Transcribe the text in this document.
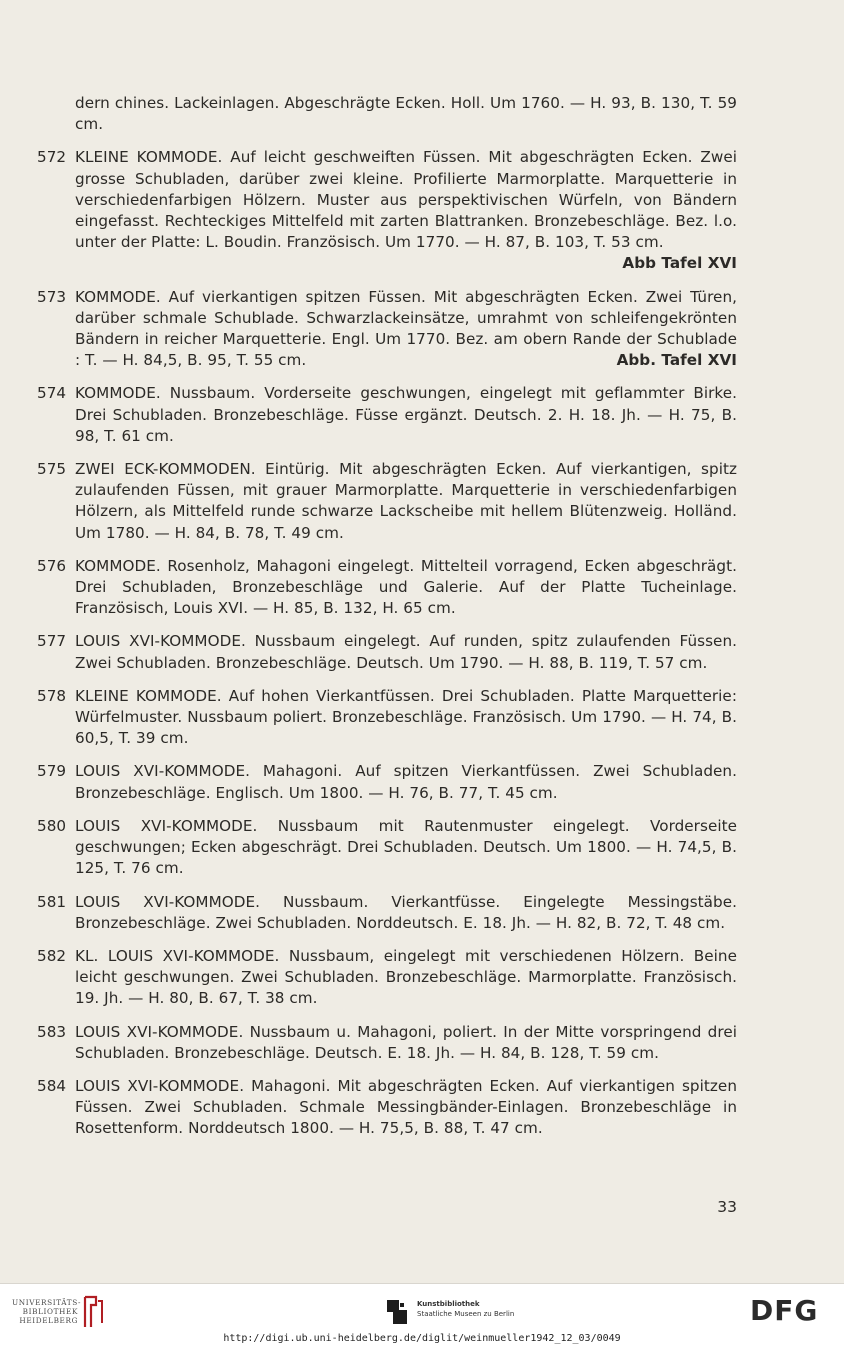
dern chines. Lackeinlagen. Abgeschrägte Ecken. Holl. Um 1760. — H. 93, B. 130, T. 59 cm.
572 KLEINE KOMMODE. Auf leicht geschweiften Füssen. Mit abgeschrägten Ecken. Zwei grosse Schubladen, darüber zwei kleine. Profilierte Marmorplatte. Marquetterie in verschiedenfarbigen Hölzern. Muster aus perspektivischen Würfeln, von Bändern eingefasst. Rechteckiges Mittelfeld mit zarten Blattranken. Bronzebeschläge. Bez. l.o. unter der Platte: L. Boudin. Französisch. Um 1770. — H. 87, B. 103, T. 53 cm.
Abb Tafel XVI
573 KOMMODE. Auf vierkantigen spitzen Füssen. Mit abgeschrägten Ecken. Zwei Türen, darüber schmale Schublade. Schwarzlackeinsätze, umrahmt von schleifengekrönten Bändern in reicher Marquetterie. Engl. Um 1770. Bez. am obern Rande der Schublade : T. — H. 84,5, B. 95, T. 55 cm.	Abb. Tafel XVI
574 KOMMODE. Nussbaum. Vorderseite geschwungen, eingelegt mit geflammter Birke. Drei Schubladen. Bronzebeschläge. Füsse ergänzt. Deutsch. 2. H. 18. Jh. — H. 75, B. 98, T. 61 cm.
575 ZWEI ECK-KOMMODEN. Eintürig. Mit abgeschrägten Ecken. Auf vierkantigen, spitz zulaufenden Füssen, mit grauer Marmorplatte. Marquetterie in verschiedenfarbigen Hölzern, als Mittelfeld runde schwarze Lackscheibe mit hellem Blütenzweig. Holländ. Um 1780. — H. 84, B. 78, T. 49 cm.
576 KOMMODE. Rosenholz, Mahagoni eingelegt. Mittelteil vorragend, Ecken abgeschrägt. Drei Schubladen, Bronzebeschläge und Galerie. Auf der Platte Tucheinlage. Französisch, Louis XVI. — H. 85, B. 132, H. 65 cm.
577 LOUIS XVI-KOMMODE. Nussbaum eingelegt. Auf runden, spitz zulaufenden Füssen. Zwei Schubladen. Bronzebeschläge. Deutsch. Um 1790. — H. 88, B. 119, T. 57 cm.
578 KLEINE KOMMODE. Auf hohen Vierkantfüssen. Drei Schubladen. Platte Marquetterie: Würfelmuster. Nussbaum poliert. Bronzebeschläge. Französisch. Um 1790. — H. 74, B. 60,5, T. 39 cm.
579 LOUIS XVI-KOMMODE. Mahagoni. Auf spitzen Vierkantfüssen. Zwei Schubladen. Bronzebeschläge. Englisch. Um 1800. — H. 76, B. 77, T. 45 cm.
580 LOUIS XVI-KOMMODE. Nussbaum mit Rautenmuster eingelegt. Vorderseite geschwungen; Ecken abgeschrägt. Drei Schubladen. Deutsch. Um 1800. — H. 74,5, B. 125, T. 76 cm.
581 LOUIS XVI-KOMMODE. Nussbaum. Vierkantfüsse. Eingelegte Messingstäbe. Bronzebeschläge. Zwei Schubladen. Norddeutsch. E. 18. Jh. — H. 82, B. 72, T. 48 cm.
582 KL. LOUIS XVI-KOMMODE. Nussbaum, eingelegt mit verschiedenen Hölzern. Beine leicht geschwungen. Zwei Schubladen. Bronzebeschläge. Marmorplatte. Französisch. 19. Jh. — H. 80, B. 67, T. 38 cm.
583 LOUIS XVI-KOMMODE. Nussbaum u. Mahagoni, poliert. In der Mitte vorspringend drei Schubladen. Bronzebeschläge. Deutsch. E. 18. Jh. — H. 84, B. 128, T. 59 cm.
584 LOUIS XVI-KOMMODE. Mahagoni. Mit abgeschrägten Ecken. Auf vierkantigen spitzen Füssen. Zwei Schubladen. Schmale Messingbänder-Einlagen. Bronzebeschläge in Rosettenform. Norddeutsch 1800. — H. 75,5, B. 88, T. 47 cm.
33
UNIVERSITÄTS-
BIBLIOTHEK
HEIDELBERG
Kunstbibliothek
Staatliche Museen zu Berlin	DFG
http://digi.ub.uni-heidelberg.de/diglit/weinmueller1942_12_03/0049
